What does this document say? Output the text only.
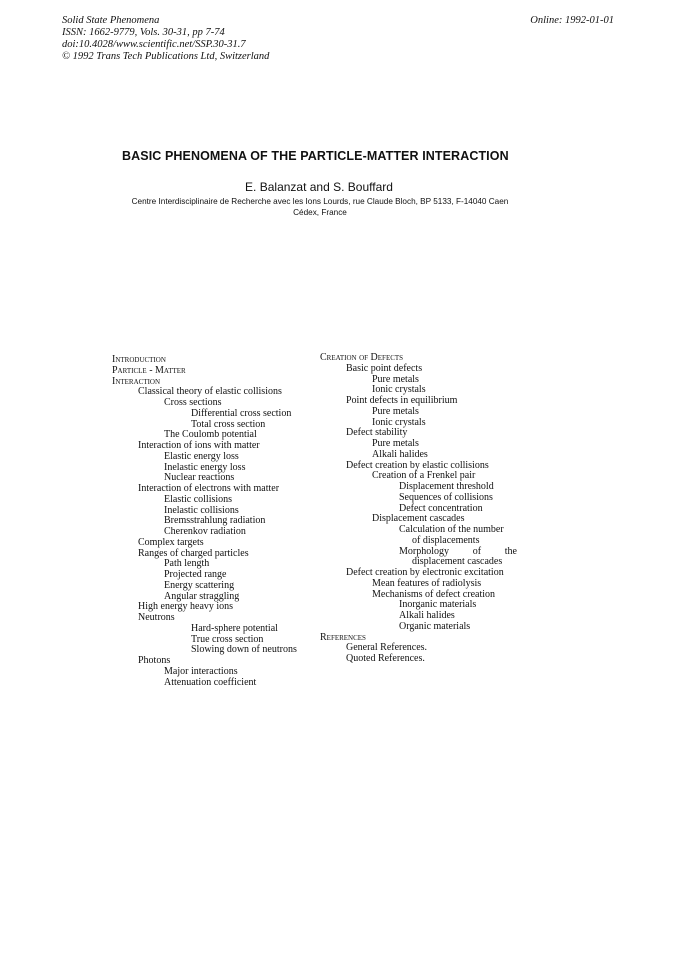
Solid State Phenomena
ISSN: 1662-9779, Vols. 30-31, pp 7-74
doi:10.4028/www.scientific.net/SSP.30-31.7
© 1992 Trans Tech Publications Ltd, Switzerland
Online: 1992-01-01
BASIC PHENOMENA OF THE PARTICLE-MATTER INTERACTION
E. Balanzat and S. Bouffard
Centre Interdisciplinaire de Recherche avec les Ions Lourds, rue Claude Bloch, BP 5133, F-14040 Caen
Cédex, France
Introduction
Particle - Matter
Interaction
Classical theory of elastic collisions
Cross sections
Differential cross section
Total cross section
The Coulomb potential
Interaction of ions with matter
Elastic energy loss
Inelastic energy loss
Nuclear reactions
Interaction of electrons with matter
Elastic collisions
Inelastic collisions
Bremsstrahlung radiation
Cherenkov radiation
Complex targets
Ranges of charged particles
Path length
Projected range
Energy scattering
Angular straggling
High energy heavy ions
Neutrons
Hard-sphere potential
True cross section
Slowing down of neutrons
Photons
Major interactions
Attenuation coefficient
Creation of Defects
Basic point defects
Pure metals
Ionic crystals
Point defects in equilibrium
Pure metals
Ionic crystals
Defect stability
Pure metals
Alkali halides
Defect creation by elastic collisions
Creation of a Frenkel pair
Displacement threshold
Sequences of collisions
Defect concentration
Displacement cascades
Calculation of the number
of displacements
Morphology of the
displacement cascades
Defect creation by electronic excitation
Mean features of radiolysis
Mechanisms of defect creation
Inorganic materials
Alkali halides
Organic materials
References
General References.
Quoted References.
